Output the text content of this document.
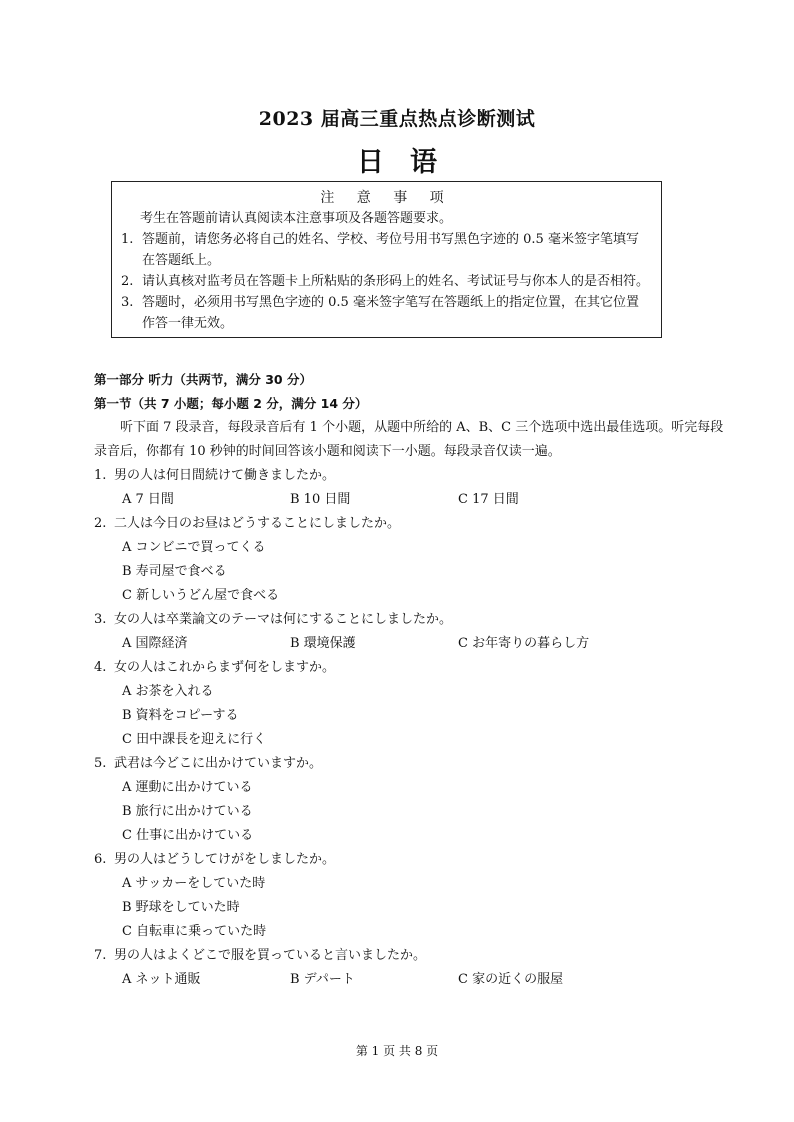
2023 届高三重点热点诊断测试
日语
注 意 事 项
考生在答题前请认真阅读本注意事项及各题答题要求。
1. 答题前，请您务必将自己的姓名、学校、考位号用书写黑色字迹的 0.5 毫米签字笔填写在答题纸上。
2. 请认真核对监考员在答题卡上所粘贴的条形码上的姓名、考试证号与你本人的是否相符。
3. 答题时，必须用书写黑色字迹的 0.5 毫米签字笔写在答题纸上的指定位置，在其它位置作答一律无效。
第一部分 听力（共两节，满分 30 分）
第一节（共 7 小题；每小题 2 分，满分 14 分）
听下面 7 段录音，每段录音后有 1 个小题，从题中所给的 A、B、C 三个选项中选出最佳选项。听完每段录音后，你都有 10 秒钟的时间回答该小题和阅读下一小题。每段录音仅读一遍。
1. 男の人は何日間続けて働きましたか。
A 7 日間	B 10 日間	C 17 日間
2. 二人は今日のお昼はどうすることにしましたか。
A コンビニで買ってくる
B 寿司屋で食べる
C 新しいうどん屋で食べる
3. 女の人は卒業論文のテーマは何にすることにしましたか。
A 国際経済	B 環境保護	C お年寄りの暮らし方
4. 女の人はこれからまず何をしますか。
A お茶を入れる
B 資料をコピーする
C 田中課長を迎えに行く
5. 武君は今どこに出かけていますか。
A 運動に出かけている
B 旅行に出かけている
C 仕事に出かけている
6. 男の人はどうしてけがをしましたか。
A サッカーをしていた時
B 野球をしていた時
C 自転車に乗っていた時
7. 男の人はよくどこで服を買っていると言いましたか。
A ネット通販	B デパート	C 家の近くの服屋
第 1 页 共 8 页
